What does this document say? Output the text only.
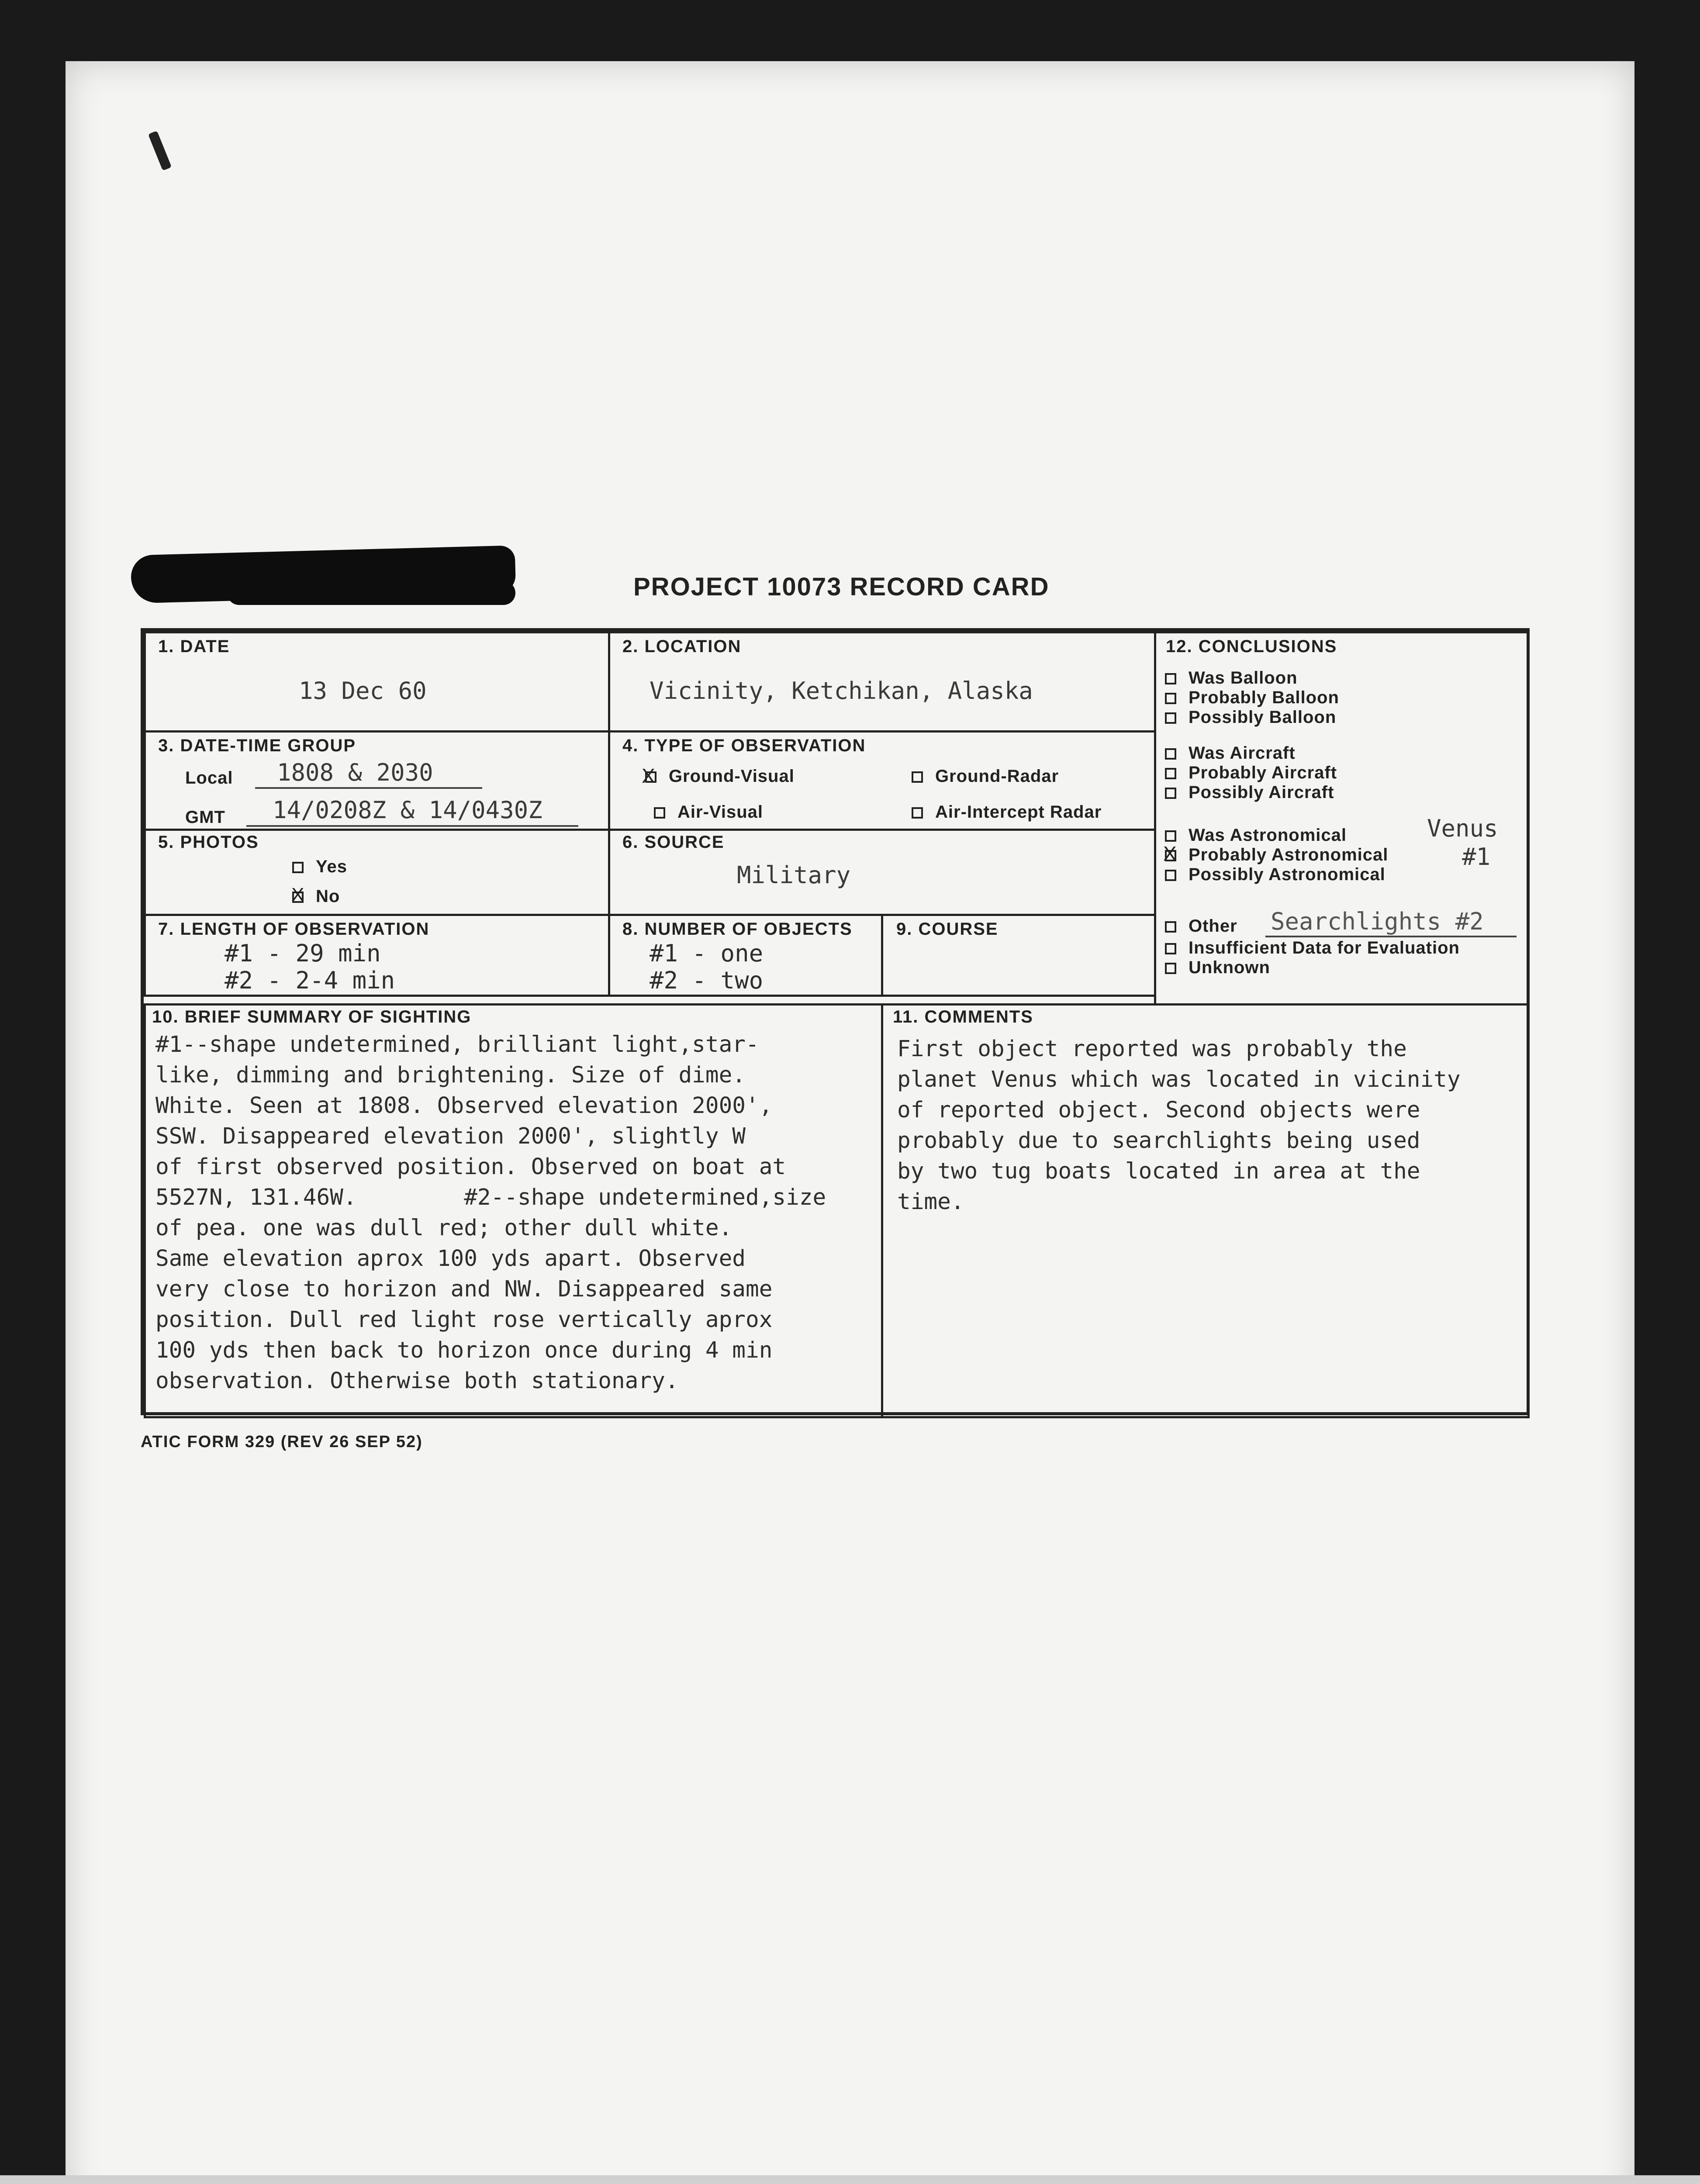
PROJECT 10073 RECORD CARD
1. DATE
13 Dec 60
2. LOCATION
Vicinity, Ketchikan, Alaska
3. DATE-TIME GROUP
Local 1808 & 2030
GMT 14/0208Z & 14/0430Z
4. TYPE OF OBSERVATION
X Ground-Visual	Ground-Radar
Air-Visual	Air-Intercept Radar
5. PHOTOS
Yes
X No
6. SOURCE
Military
7. LENGTH OF OBSERVATION
#1 - 29 min
#2 - 2-4 min
8. NUMBER OF OBJECTS
#1 - one
#2 - two
9. COURSE
12. CONCLUSIONS
Was Balloon
Probably Balloon
Possibly Balloon
Was Aircraft
Probably Aircraft
Possibly Aircraft
Was Astronomical	Venus
X Probably Astronomical	#1
Possibly Astronomical
Other Searchlights #2
Insufficient Data for Evaluation
Unknown
10. BRIEF SUMMARY OF SIGHTING
#1--shape undetermined, brilliant light,star-
like, dimming and brightening. Size of dime.
White. Seen at 1808. Observed elevation 2000',
SSW. Disappeared elevation 2000', slightly W
of first observed position. Observed on boat at
5527N, 131.46W.        #2--shape undetermined,size
of pea. one was dull red; other dull white.
Same elevation aprox 100 yds apart. Observed
very close to horizon and NW. Disappeared same
position. Dull red light rose vertically aprox
100 yds then back to horizon once during 4 min
observation. Otherwise both stationary.
11. COMMENTS
First object reported was probably the
planet Venus which was located in vicinity
of reported object. Second objects were
probably due to searchlights being used
by two tug boats located in area at the
time.
ATIC FORM 329 (REV 26 SEP 52)
